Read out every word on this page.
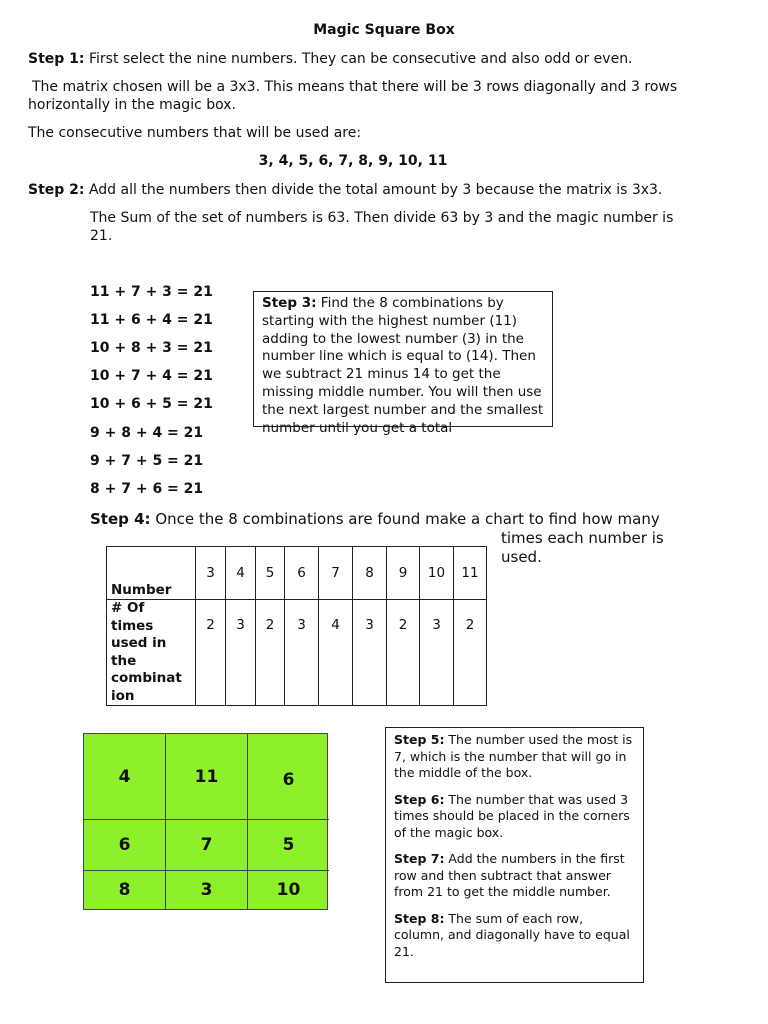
Magic Square Box
Step 1: First select the nine numbers. They can be consecutive and also odd or even.
The matrix chosen will be a 3x3. This means that there will be 3 rows diagonally and 3 rows horizontally in the magic box.
The consecutive numbers that will be used are:
3, 4, 5, 6, 7, 8, 9, 10, 11
Step 2: Add all the numbers then divide the total amount by 3 because the matrix is 3x3.
The Sum of the set of numbers is 63. Then divide 63 by 3 and the magic number is 21.
11 + 7 + 3 = 21
11 + 6 + 4 = 21
10 + 8 + 3 = 21
10 + 7 + 4 = 21
10 + 6 + 5 = 21
9 + 8 + 4 = 21
9 + 7 + 5 = 21
8 + 7 + 6 = 21
Step 3: Find the 8 combinations by starting with the highest number (11) adding to the lowest number (3) in the number line which is equal to (14). Then we subtract 21 minus 14 to get the missing middle number. You will then use the next largest number and the smallest number until you get a total
Step 4: Once the 8 combinations are found make a chart to find how many
times each number is
used.
Number	3	4	5	6	7	8	9	10	11
# Of times used in the combinat ion	2	3	2	3	4	3	2	3	2
4	11	6
6	7	5
8	3	10

Step 5: The number used the most is 7, which is the number that will go in the middle of the box.

Step 6: The number that was used 3 times should be placed in the corners of the magic box.

Step 7: Add the numbers in the first row and then subtract that answer from 21 to get the middle number.

Step 8: The sum of each row, column, and diagonally have to equal 21.
